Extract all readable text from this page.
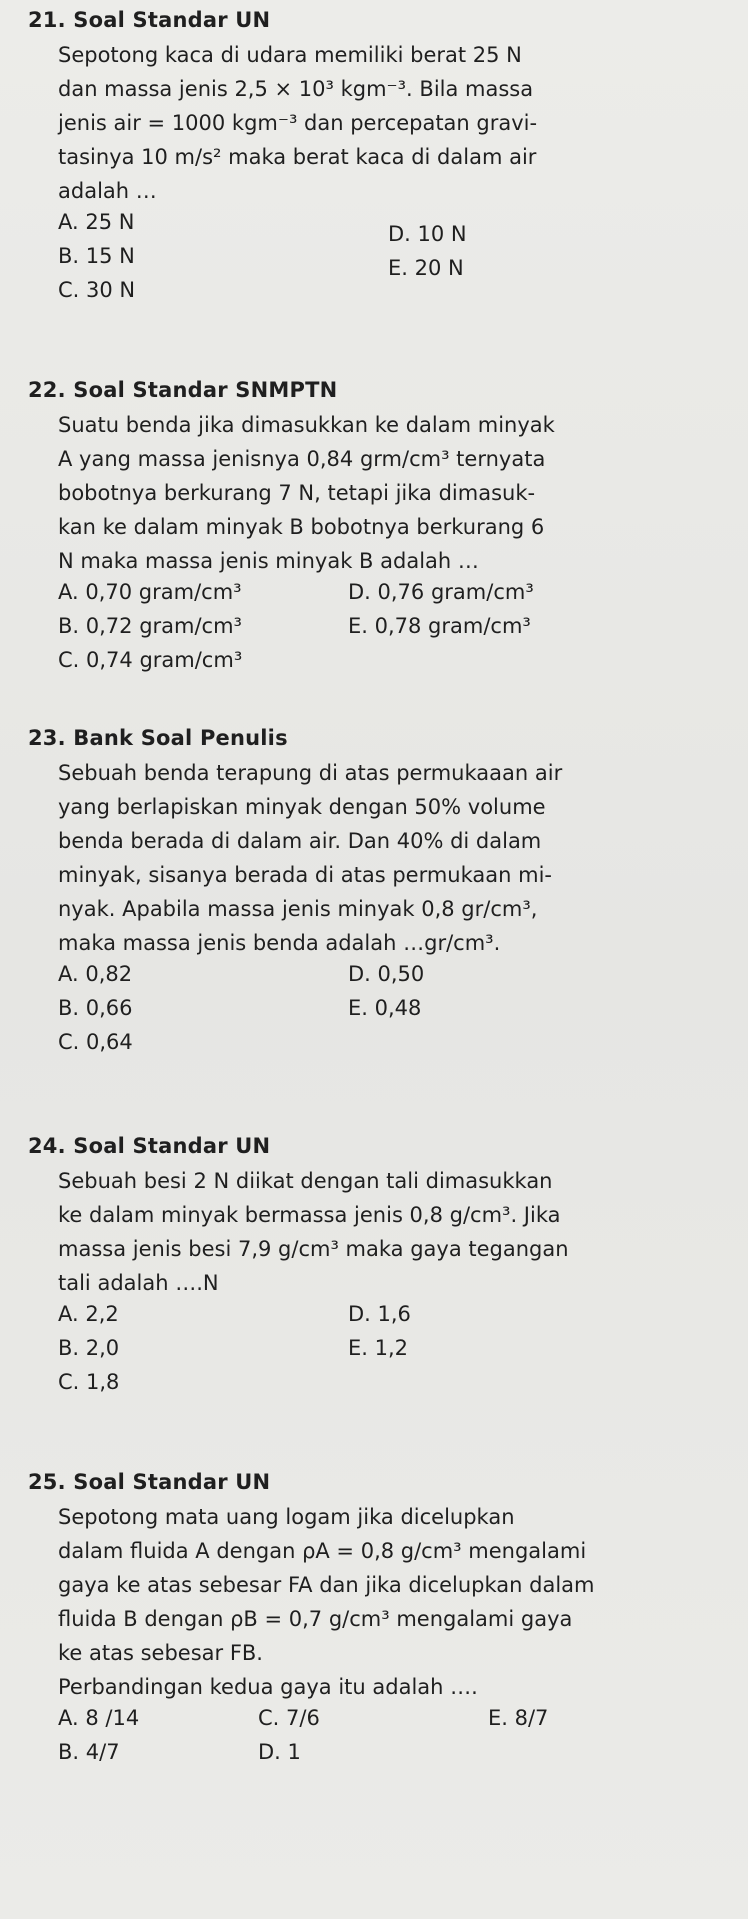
21. Soal Standar UN
Sepotong kaca di udara memiliki berat 25 N
dan massa jenis 2,5 × 10³ kgm⁻³. Bila massa
jenis air = 1000 kgm⁻³ dan percepatan gravi-
tasinya 10 m/s² maka berat kaca di dalam air
adalah …
A. 25 N
B. 15 N
C. 30 N
D. 10 N
E. 20 N
22. Soal Standar SNMPTN
Suatu benda jika dimasukkan ke dalam minyak
A yang massa jenisnya 0,84 grm/cm³ ternyata
bobotnya berkurang 7 N, tetapi jika dimasuk-
kan ke dalam minyak B bobotnya berkurang 6
N maka massa jenis minyak B adalah …
A. 0,70 gram/cm³
B. 0,72 gram/cm³
C. 0,74 gram/cm³
D. 0,76 gram/cm³
E. 0,78 gram/cm³
23. Bank Soal Penulis
Sebuah benda terapung di atas permukaaan air
yang berlapiskan minyak dengan 50% volume
benda berada di dalam air. Dan 40% di dalam
minyak, sisanya berada di atas permukaan mi-
nyak. Apabila massa jenis minyak 0,8 gr/cm³,
maka massa jenis benda adalah …gr/cm³.
A. 0,82
B. 0,66
C. 0,64
D. 0,50
E. 0,48
24. Soal Standar UN
Sebuah besi 2 N diikat dengan tali dimasukkan
ke dalam minyak bermassa jenis 0,8 g/cm³. Jika
massa jenis besi 7,9 g/cm³ maka gaya tegangan
tali adalah ….N
A. 2,2
B. 2,0
C. 1,8
D. 1,6
E. 1,2
25. Soal Standar UN
Sepotong mata uang logam jika dicelupkan
dalam fluida A dengan ρA = 0,8 g/cm³ mengalami
gaya ke atas sebesar FA dan jika dicelupkan dalam
fluida B dengan ρB = 0,7 g/cm³ mengalami gaya
ke atas sebesar FB.
Perbandingan kedua gaya itu adalah ….
A. 8 /14
B. 4/7
C. 7/6
D. 1
E. 8/7
